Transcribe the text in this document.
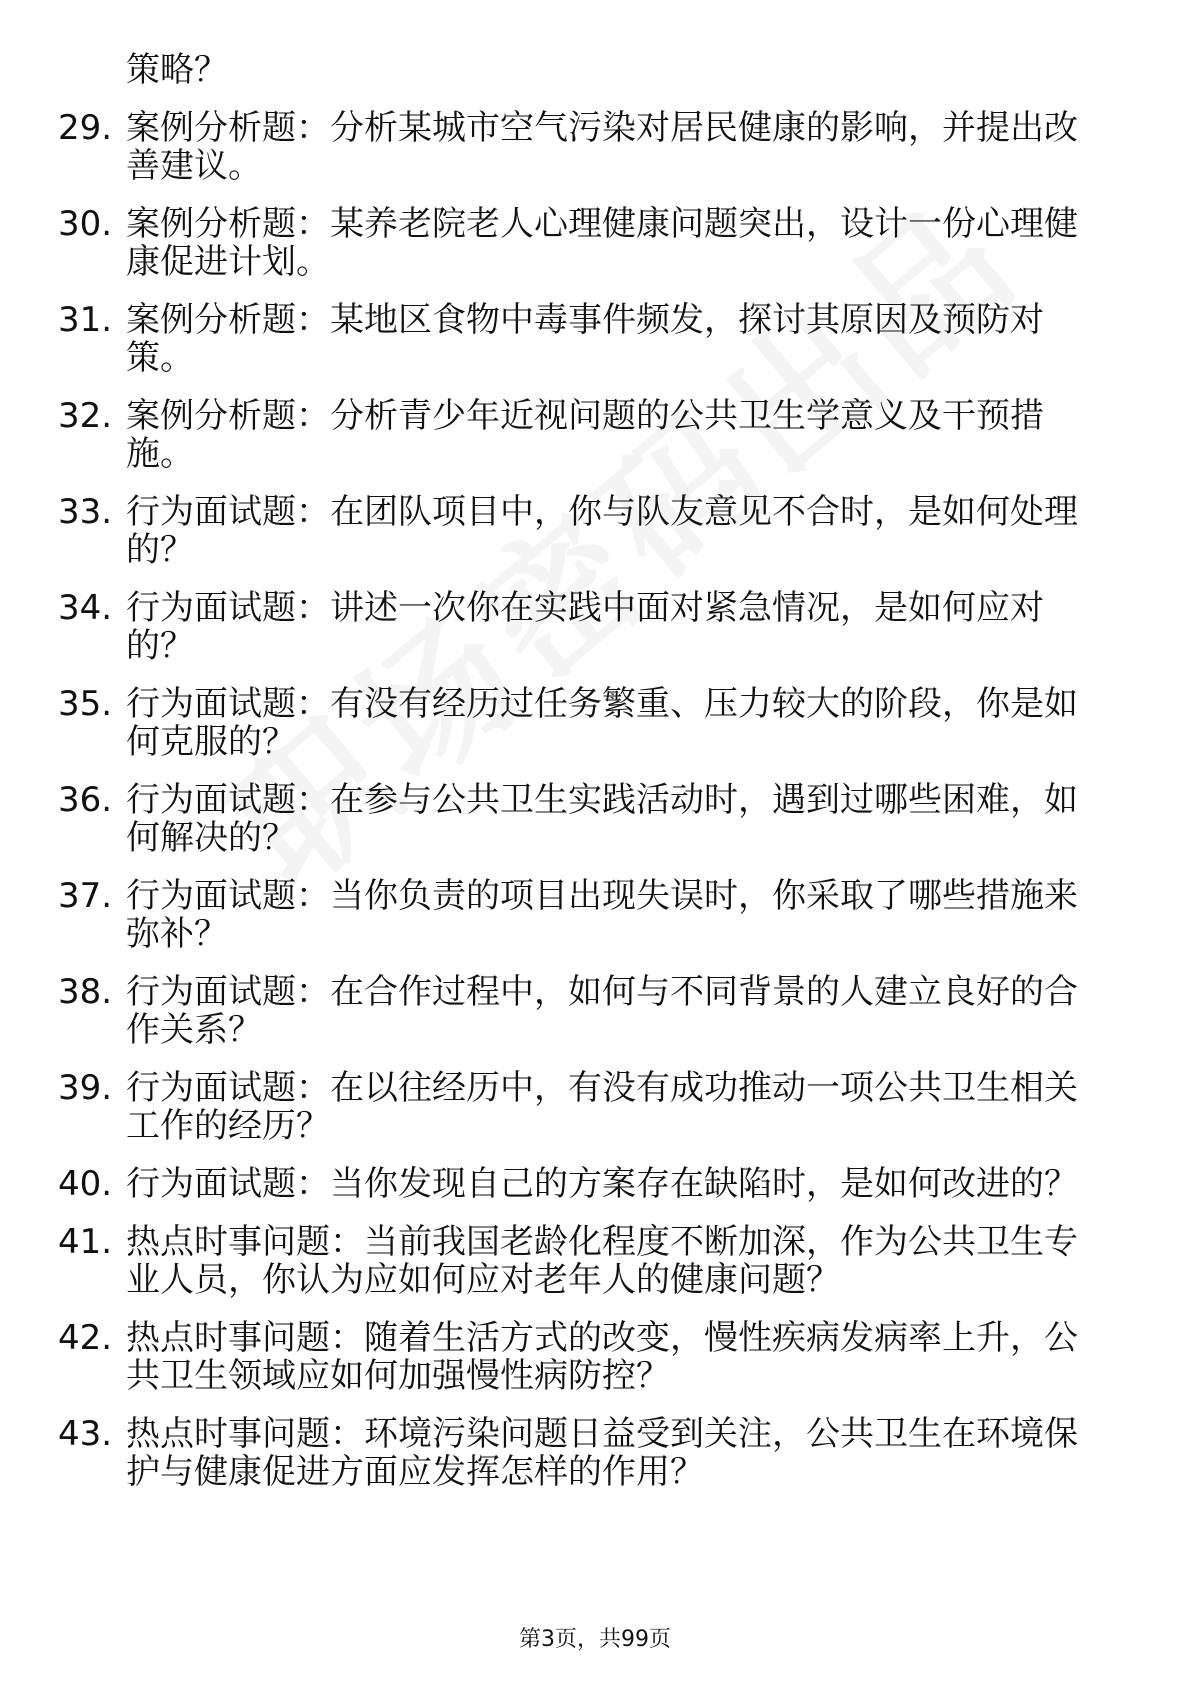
策略？
29. 案例分析题：分析某城市空气污染对居民健康的影响，并提出改
善建议。
30. 案例分析题：某养老院老人心理健康问题突出，设计一份心理健
康促进计划。
31. 案例分析题：某地区食物中毒事件频发，探讨其原因及预防对
策。
32. 案例分析题：分析青少年近视问题的公共卫生学意义及干预措
施。
33. 行为面试题：在团队项目中，你与队友意见不合时，是如何处理
的？
34. 行为面试题：讲述一次你在实践中面对紧急情况，是如何应对
的？
35. 行为面试题：有没有经历过任务繁重、压力较大的阶段，你是如
何克服的？
36. 行为面试题：在参与公共卫生实践活动时，遇到过哪些困难，如
何解决的？
37. 行为面试题：当你负责的项目出现失误时，你采取了哪些措施来
弥补？
38. 行为面试题：在合作过程中，如何与不同背景的人建立良好的合
作关系？
39. 行为面试题：在以往经历中，有没有成功推动一项公共卫生相关
工作的经历？
40. 行为面试题：当你发现自己的方案存在缺陷时，是如何改进的？
41. 热点时事问题：当前我国老龄化程度不断加深，作为公共卫生专
业人员，你认为应如何应对老年人的健康问题？
42. 热点时事问题：随着生活方式的改变，慢性疾病发病率上升，公
共卫生领域应如何加强慢性病防控？
43. 热点时事问题：环境污染问题日益受到关注，公共卫生在环境保
护与健康促进方面应发挥怎样的作用？
第3页，共99页
